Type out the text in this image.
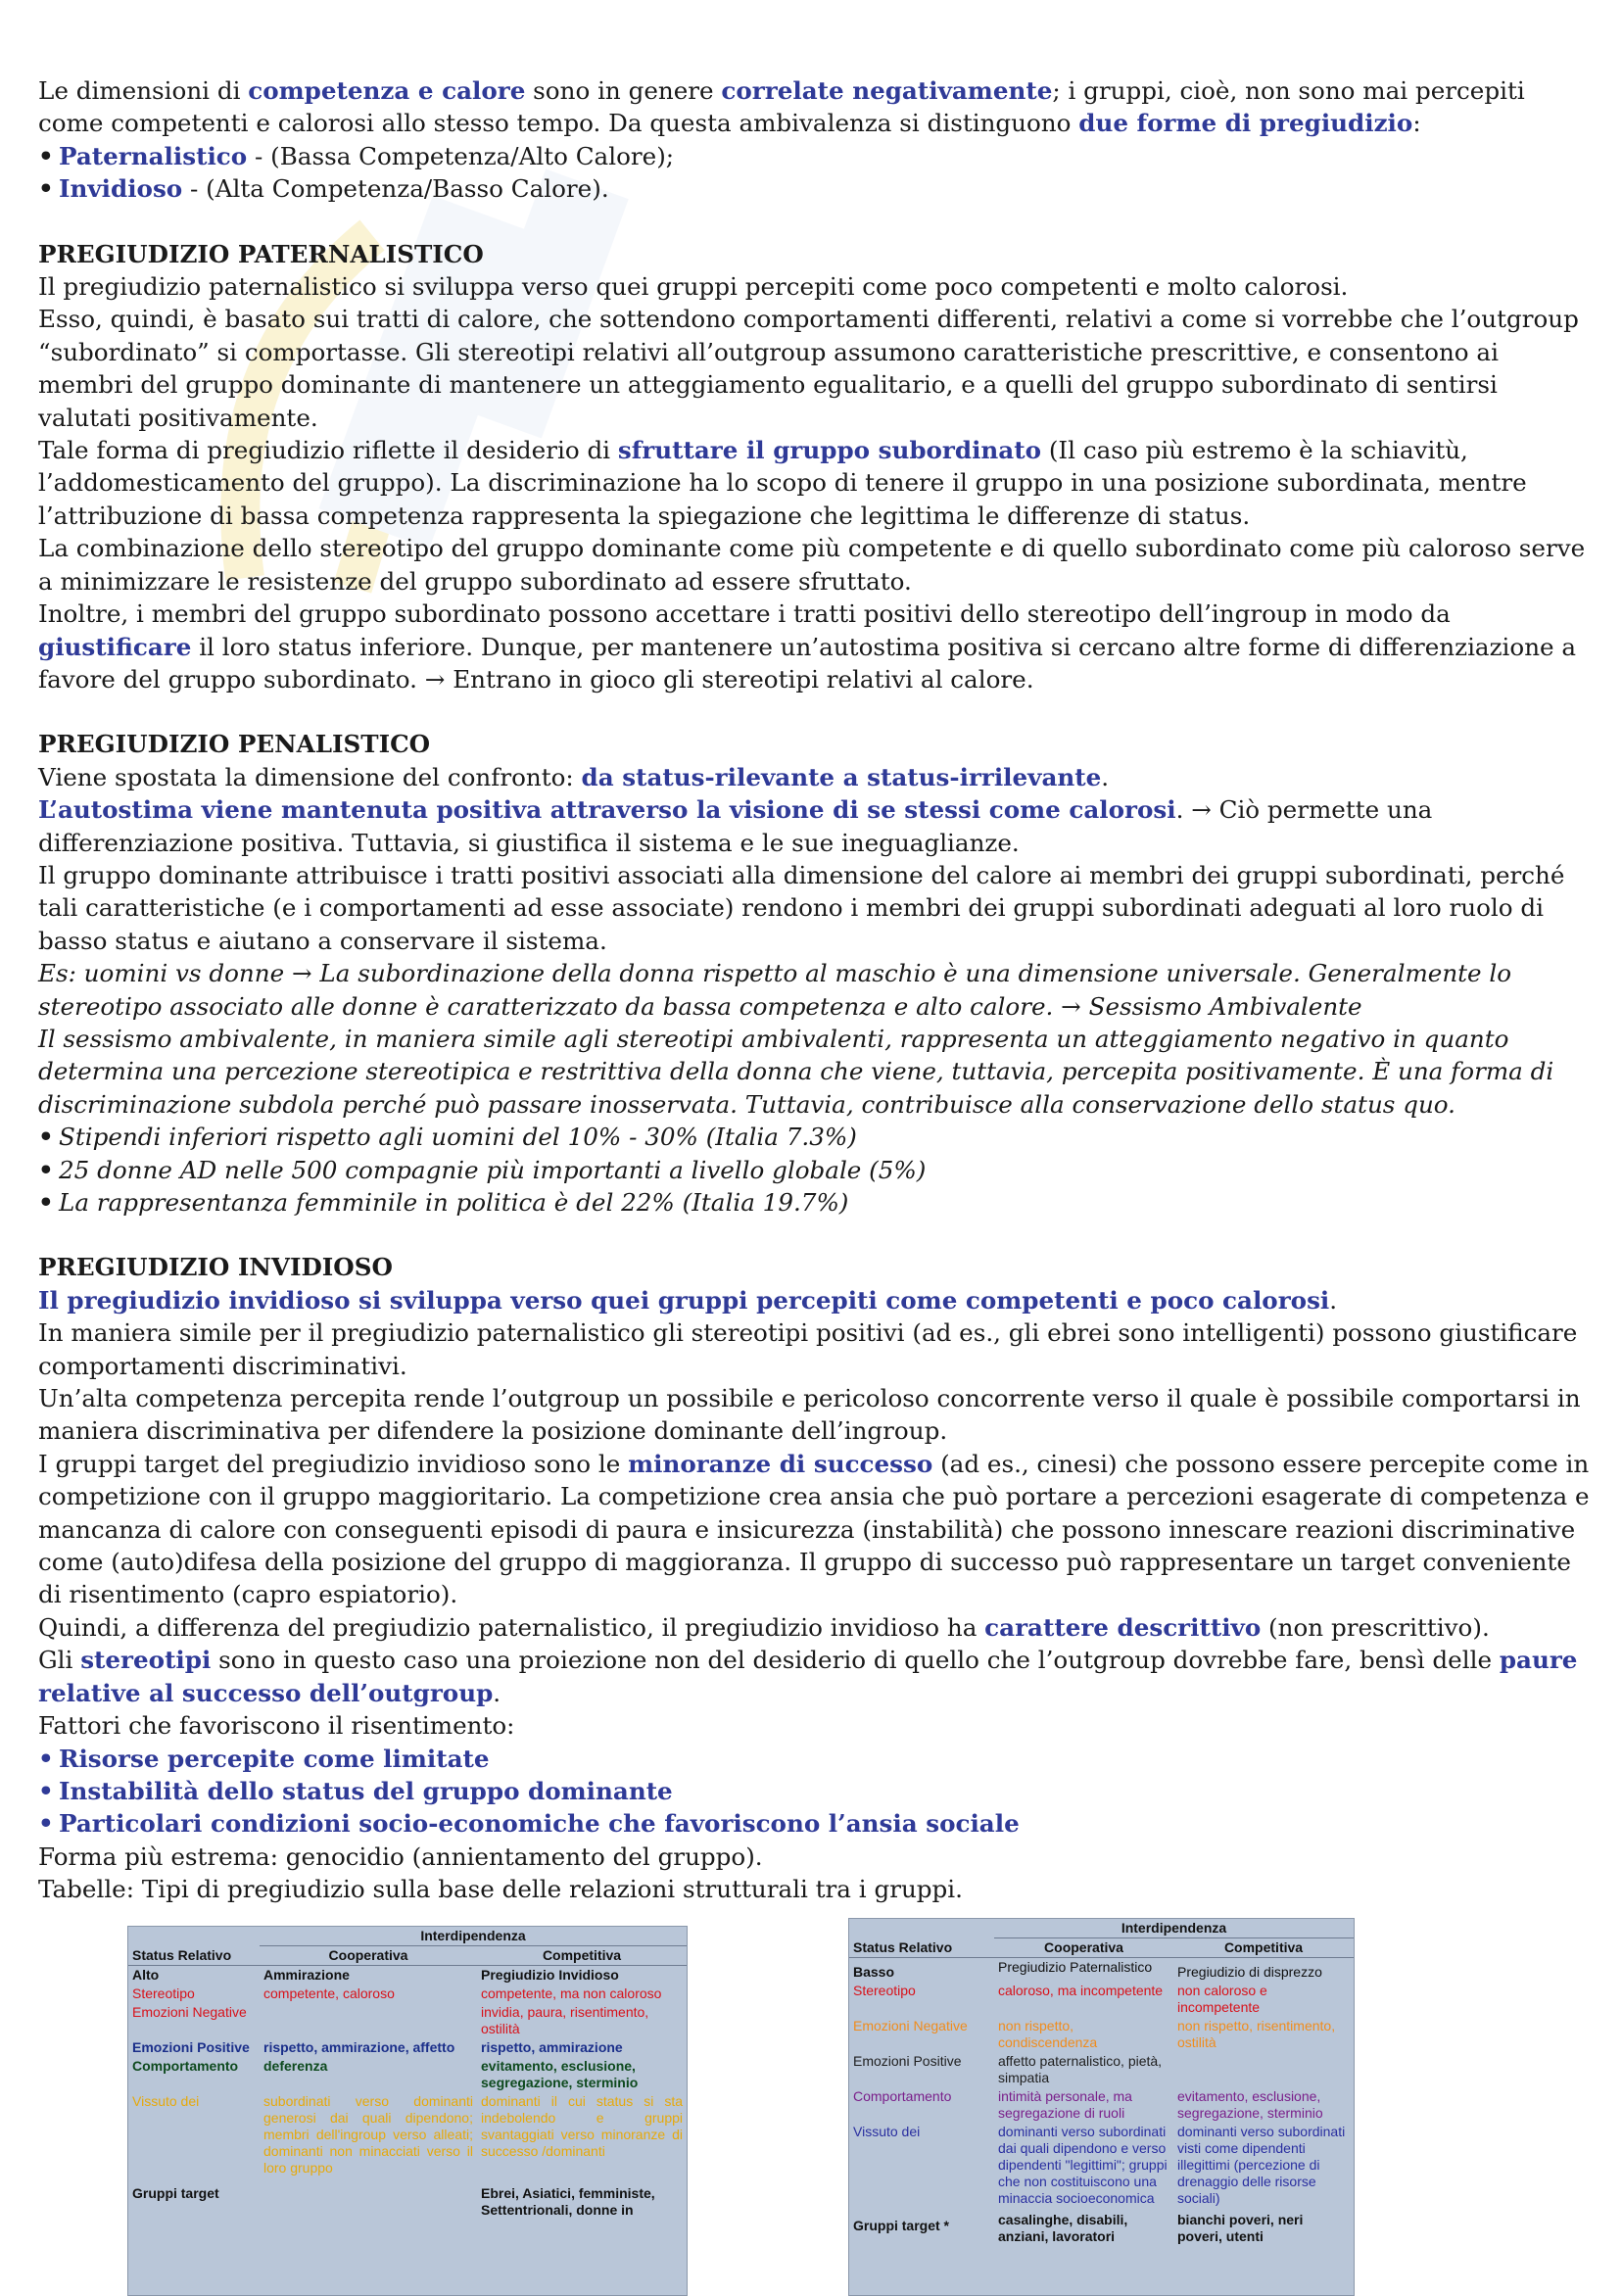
Le dimensioni di competenza e calore sono in genere correlate negativamente; i gruppi, cioè, non sono mai percepiti come competenti e calorosi allo stesso tempo. Da questa ambivalenza si distinguono due forme di pregiudizio:

• Paternalistico - (Bassa Competenza/Alto Calore);
• Invidioso - (Alta Competenza/Basso Calore).

PREGIUDIZIO PATERNALISTICO

Il pregiudizio paternalistico si sviluppa verso quei gruppi percepiti come poco competenti e molto calorosi.

Esso, quindi, è basato sui tratti di calore, che sottendono comportamenti differenti, relativi a come si vorrebbe che l’outgroup “subordinato” si comportasse. Gli stereotipi relativi all’outgroup assumono caratteristiche prescrittive, e consentono ai membri del gruppo dominante di mantenere un atteggiamento egualitario, e a quelli del gruppo subordinato di sentirsi valutati positivamente.

Tale forma di pregiudizio riflette il desiderio di sfruttare il gruppo subordinato (Il caso più estremo è la schiavitù, l’addomesticamento del gruppo). La discriminazione ha lo scopo di tenere il gruppo in una posizione subordinata, mentre l’attribuzione di bassa competenza rappresenta la spiegazione che legittima le differenze di status.

La combinazione dello stereotipo del gruppo dominante come più competente e di quello subordinato come più caloroso serve a minimizzare le resistenze del gruppo subordinato ad essere sfruttato.

Inoltre, i membri del gruppo subordinato possono accettare i tratti positivi dello stereotipo dell’ingroup in modo da giustificare il loro status inferiore. Dunque, per mantenere un’autostima positiva si cercano altre forme di differenziazione a favore del gruppo subordinato. → Entrano in gioco gli stereotipi relativi al calore.

PREGIUDIZIO PENALISTICO

Viene spostata la dimensione del confronto: da status-rilevante a status-irrilevante.

L’autostima viene mantenuta positiva attraverso la visione di se stessi come calorosi. → Ciò permette una differenziazione positiva. Tuttavia, si giustifica il sistema e le sue ineguaglianze.

Il gruppo dominante attribuisce i tratti positivi associati alla dimensione del calore ai membri dei gruppi subordinati, perché tali caratteristiche (e i comportamenti ad esse associate) rendono i membri dei gruppi subordinati adeguati al loro ruolo di basso status e aiutano a conservare il sistema.

Es: uomini vs donne → La subordinazione della donna rispetto al maschio è una dimensione universale. Generalmente lo stereotipo associato alle donne è caratterizzato da bassa competenza e alto calore. → Sessismo Ambivalente

Il sessismo ambivalente, in maniera simile agli stereotipi ambivalenti, rappresenta un atteggiamento negativo in quanto determina una percezione stereotipica e restrittiva della donna che viene, tuttavia, percepita positivamente. È una forma di discriminazione subdola perché può passare inosservata. Tuttavia, contribuisce alla conservazione dello status quo.

• Stipendi inferiori rispetto agli uomini del 10% - 30% (Italia 7.3%)
• 25 donne AD nelle 500 compagnie più importanti a livello globale (5%)
• La rappresentanza femminile in politica è del 22% (Italia 19.7%)

PREGIUDIZIO INVIDIOSO

Il pregiudizio invidioso si sviluppa verso quei gruppi percepiti come competenti e poco calorosi.

In maniera simile per il pregiudizio paternalistico gli stereotipi positivi (ad es., gli ebrei sono intelligenti) possono giustificare comportamenti discriminativi.

Un’alta competenza percepita rende l’outgroup un possibile e pericoloso concorrente verso il quale è possibile comportarsi in maniera discriminativa per difendere la posizione dominante dell’ingroup.

I gruppi target del pregiudizio invidioso sono le minoranze di successo (ad es., cinesi) che possono essere percepite come in competizione con il gruppo maggioritario. La competizione crea ansia che può portare a percezioni esagerate di competenza e mancanza di calore con conseguenti episodi di paura e insicurezza (instabilità) che possono innescare reazioni discriminative come (auto)difesa della posizione del gruppo di maggioranza. Il gruppo di successo può rappresentare un target conveniente di risentimento (capro espiatorio).

Quindi, a differenza del pregiudizio paternalistico, il pregiudizio invidioso ha carattere descrittivo (non prescrittivo).

Gli stereotipi sono in questo caso una proiezione non del desiderio di quello che l’outgroup dovrebbe fare, bensì delle paure relative al successo dell’outgroup.

Fattori che favoriscono il risentimento:

• Risorse percepite come limitate
• Instabilità dello status del gruppo dominante
• Particolari condizioni socio-economiche che favoriscono l’ansia sociale

Forma più estrema: genocidio (annientamento del gruppo).

Tabelle: Tipi di pregiudizio sulla base delle relazioni strutturali tra i gruppi.

	Interdipendenza	
Status Relativo	Cooperativa	Competitiva
Alto	Ammirazione	Pregiudizio Invidioso
Stereotipo	competente, caloroso	competente, ma non caloroso
Emozioni Negative		invidia, paura, risentimento, ostilità
Emozioni Positive	rispetto, ammirazione, affetto	rispetto, ammirazione
Comportamento	deferenza	evitamento, esclusione, segregazione, sterminio
Vissuto dei	subordinati verso dominanti generosi dai quali dipendono; membri dell'ingroup verso alleati; dominanti non minacciati verso il loro gruppo	dominanti il cui status si sta indebolendo e gruppi svantaggiati verso minoranze di successo /dominanti
Gruppi target		Ebrei, Asiatici, femministe, Settentrionali, donne in
	Interdipendenza	
Status Relativo	Cooperativa	Competitiva
Basso	Pregiudizio Paternalistico	Pregiudizio di disprezzo
Stereotipo	caloroso, ma incompetente	non caloroso e incompetente
Emozioni Negative	non rispetto, condiscendenza	non rispetto, risentimento, ostilità
Emozioni Positive	affetto paternalistico, pietà, simpatia	
Comportamento	intimità personale, ma segregazione di ruoli	evitamento, esclusione, segregazione, sterminio
Vissuto dei	dominanti verso subordinati dai quali dipendono e verso dipendenti "legittimi"; gruppi che non costituiscono una minaccia socioeconomica	dominanti verso subordinati visti come dipendenti illegittimi (percezione di drenaggio delle risorse sociali)
Gruppi target *	casalinghe, disabili, anziani, lavoratori	bianchi poveri, neri poveri, utenti
